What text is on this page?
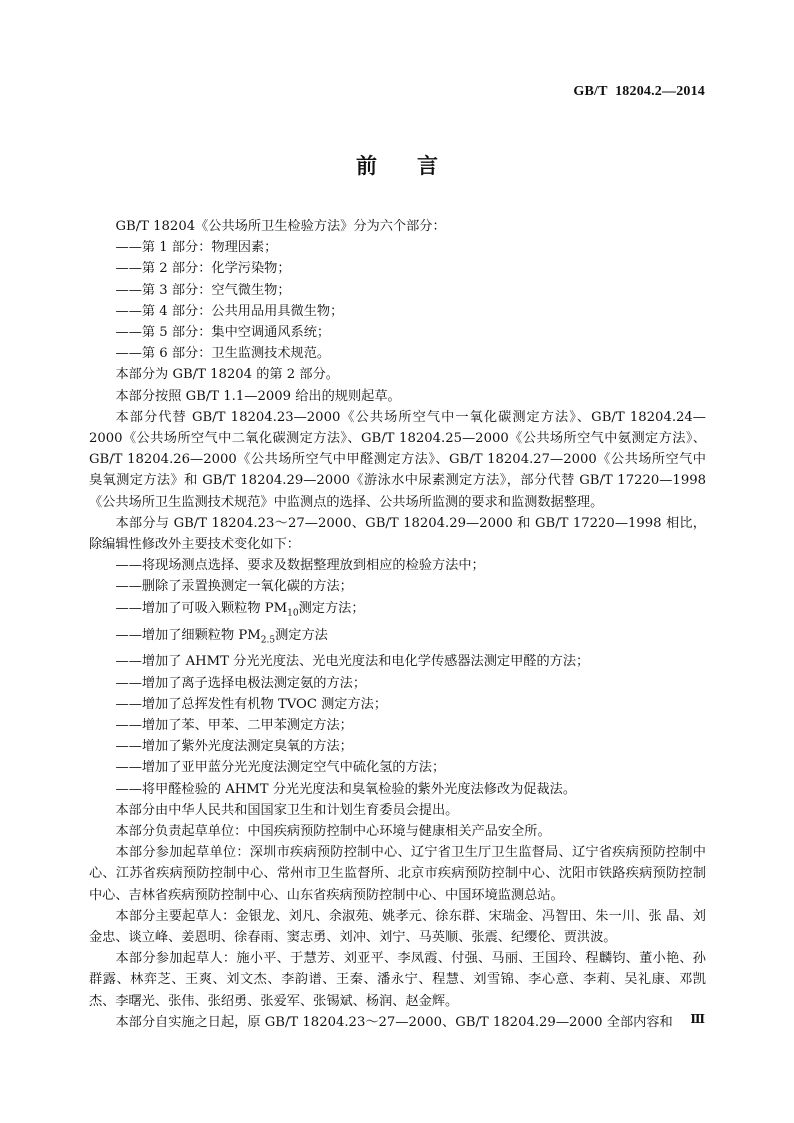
GB/T 18204.2—2014
前 言

GB/T 18204《公共场所卫生检验方法》分为六个部分：

——第 1 部分：物理因素；

——第 2 部分：化学污染物；

——第 3 部分：空气微生物；

——第 4 部分：公共用品用具微生物；

——第 5 部分：集中空调通风系统；

——第 6 部分：卫生监测技术规范。

本部分为 GB/T 18204 的第 2 部分。

本部分按照 GB/T 1.1—2009 给出的规则起草。

本部分代替 GB/T 18204.23—2000《公共场所空气中一氧化碳测定方法》、GB/T 18204.24—2000《公共场所空气中二氧化碳测定方法》、GB/T 18204.25—2000《公共场所空气中氨测定方法》、GB/T 18204.26—2000《公共场所空气中甲醛测定方法》、GB/T 18204.27—2000《公共场所空气中臭氧测定方法》和 GB/T 18204.29—2000《游泳水中尿素测定方法》，部分代替 GB/T 17220—1998《公共场所卫生监测技术规范》中监测点的选择、公共场所监测的要求和监测数据整理。

本部分与 GB/T 18204.23～27—2000、GB/T 18204.29—2000 和 GB/T 17220—1998 相比，除编辑性修改外主要技术变化如下：

——将现场测点选择、要求及数据整理放到相应的检验方法中；

——删除了汞置换测定一氧化碳的方法；

——增加了可吸入颗粒物 $PM_{10}$测定方法；

——增加了细颗粒物 $PM_{2.5}$测定方法

——增加了 AHMT 分光光度法、光电光度法和电化学传感器法测定甲醛的方法；

——增加了离子选择电极法测定氨的方法；

——增加了总挥发性有机物 TVOC 测定方法；

——增加了苯、甲苯、二甲苯测定方法；

——增加了紫外光度法测定臭氧的方法；

——增加了亚甲蓝分光光度法测定空气中硫化氢的方法；

——将甲醛检验的 AHMT 分光光度法和臭氧检验的紫外光度法修改为促裁法。

本部分由中华人民共和国国家卫生和计划生育委员会提出。

本部分负责起草单位：中国疾病预防控制中心环境与健康相关产品安全所。

本部分参加起草单位：深圳市疾病预防控制中心、辽宁省卫生厅卫生监督局、辽宁省疾病预防控制中心、江苏省疾病预防控制中心、常州市卫生监督所、北京市疾病预防控制中心、沈阳市铁路疾病预防控制中心、吉林省疾病预防控制中心、山东省疾病预防控制中心、中国环境监测总站。

本部分主要起草人：金银龙、刘凡、余淑苑、姚孝元、徐东群、宋瑞金、冯智田、朱一川、张 晶、刘金忠、谈立峰、姜恩明、徐春雨、窦志勇、刘冲、刘宁、马英顺、张震、纪缨伦、贾洪波。

本部分参加起草人：施小平、于慧芳、刘亚平、李凤霞、付强、马丽、王国玲、程麟钧、董小艳、孙群露、林弈芝、王爽、刘文杰、李韵谱、王秦、潘永宁、程慧、刘雪锦、李心意、李莉、吴礼康、邓凯杰、李曙光、张伟、张绍勇、张爱军、张锡斌、杨润、赵金辉。

本部分自实施之日起，原 GB/T 18204.23～27—2000、GB/T 18204.29—2000 全部内容和	Ⅲ
